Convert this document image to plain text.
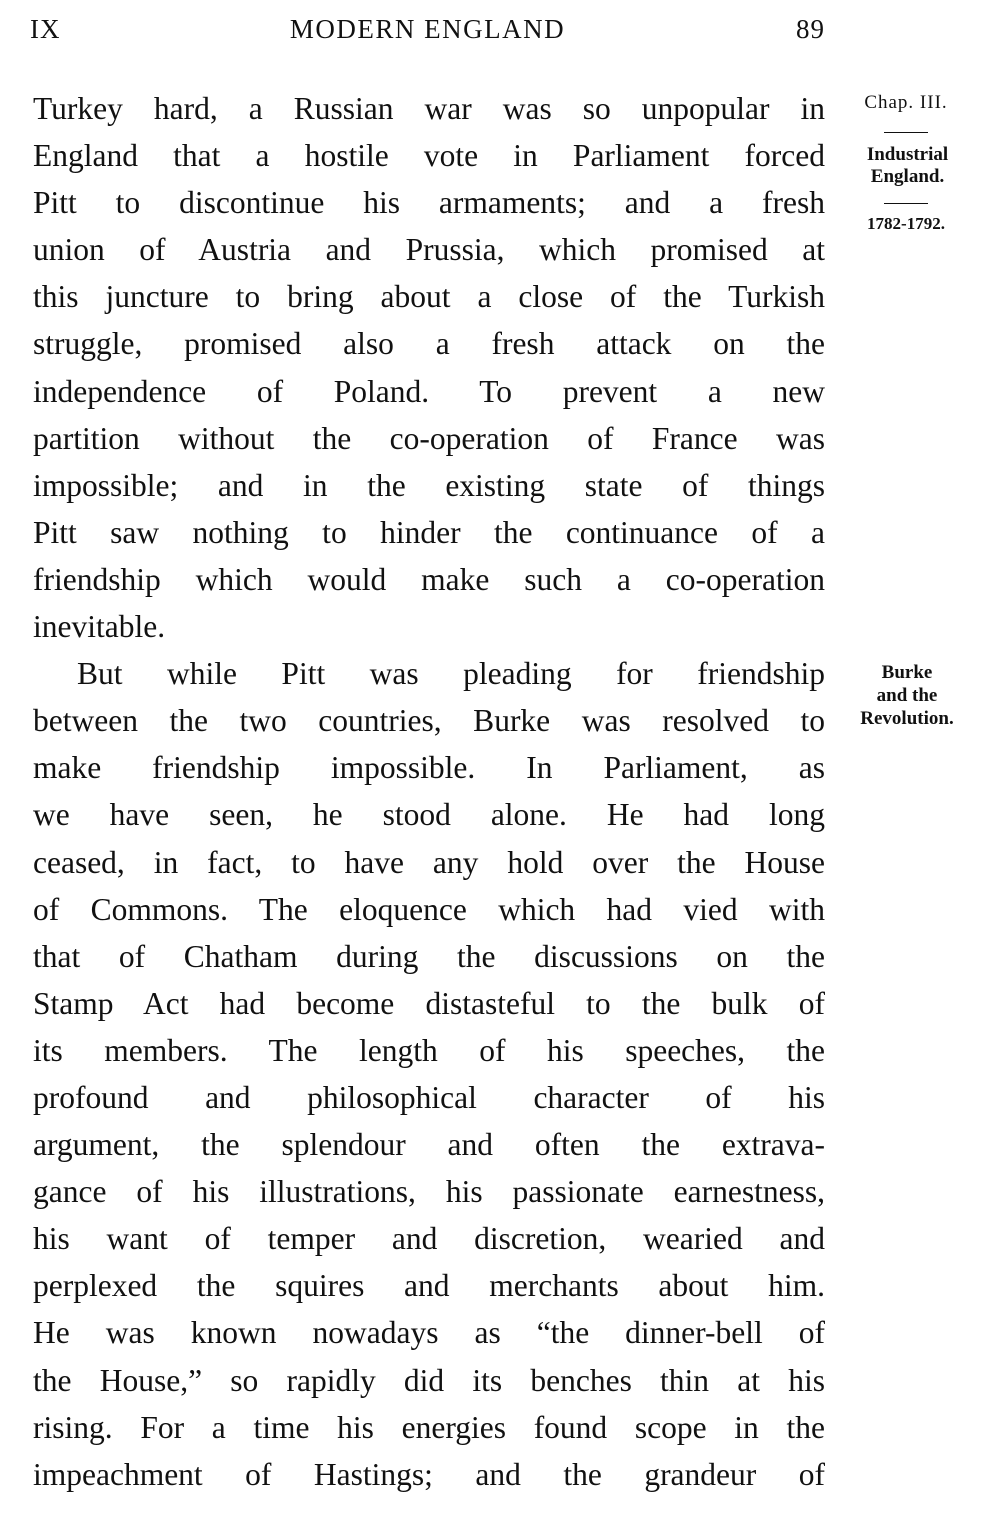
IX	MODERN ENGLAND	89
Chap. III.
Industrial
England.
1782-1792.
Burke
and the
Revolution.
Turkey hard, a Russian war was so unpopular in
England that a hostile vote in Parliament forced
Pitt to discontinue his armaments; and a fresh
union of Austria and Prussia, which promised at
this juncture to bring about a close of the Turkish
struggle, promised also a fresh attack on the
independence of Poland. To prevent a new
partition without the co-operation of France was
impossible; and in the existing state of things
Pitt saw nothing to hinder the continuance of a
friendship which would make such a co-operation
inevitable.
But while Pitt was pleading for friendship
between the two countries, Burke was resolved to
make friendship impossible. In Parliament, as
we have seen, he stood alone. He had long
ceased, in fact, to have any hold over the House
of Commons. The eloquence which had vied with
that of Chatham during the discussions on the
Stamp Act had become distasteful to the bulk of
its members. The length of his speeches, the
profound and philosophical character of his
argument, the splendour and often the extrava-
gance of his illustrations, his passionate earnestness,
his want of temper and discretion, wearied and
perplexed the squires and merchants about him.
He was known nowadays as “the dinner-bell of
the House,” so rapidly did its benches thin at his
rising. For a time his energies found scope in the
impeachment of Hastings; and the grandeur of
